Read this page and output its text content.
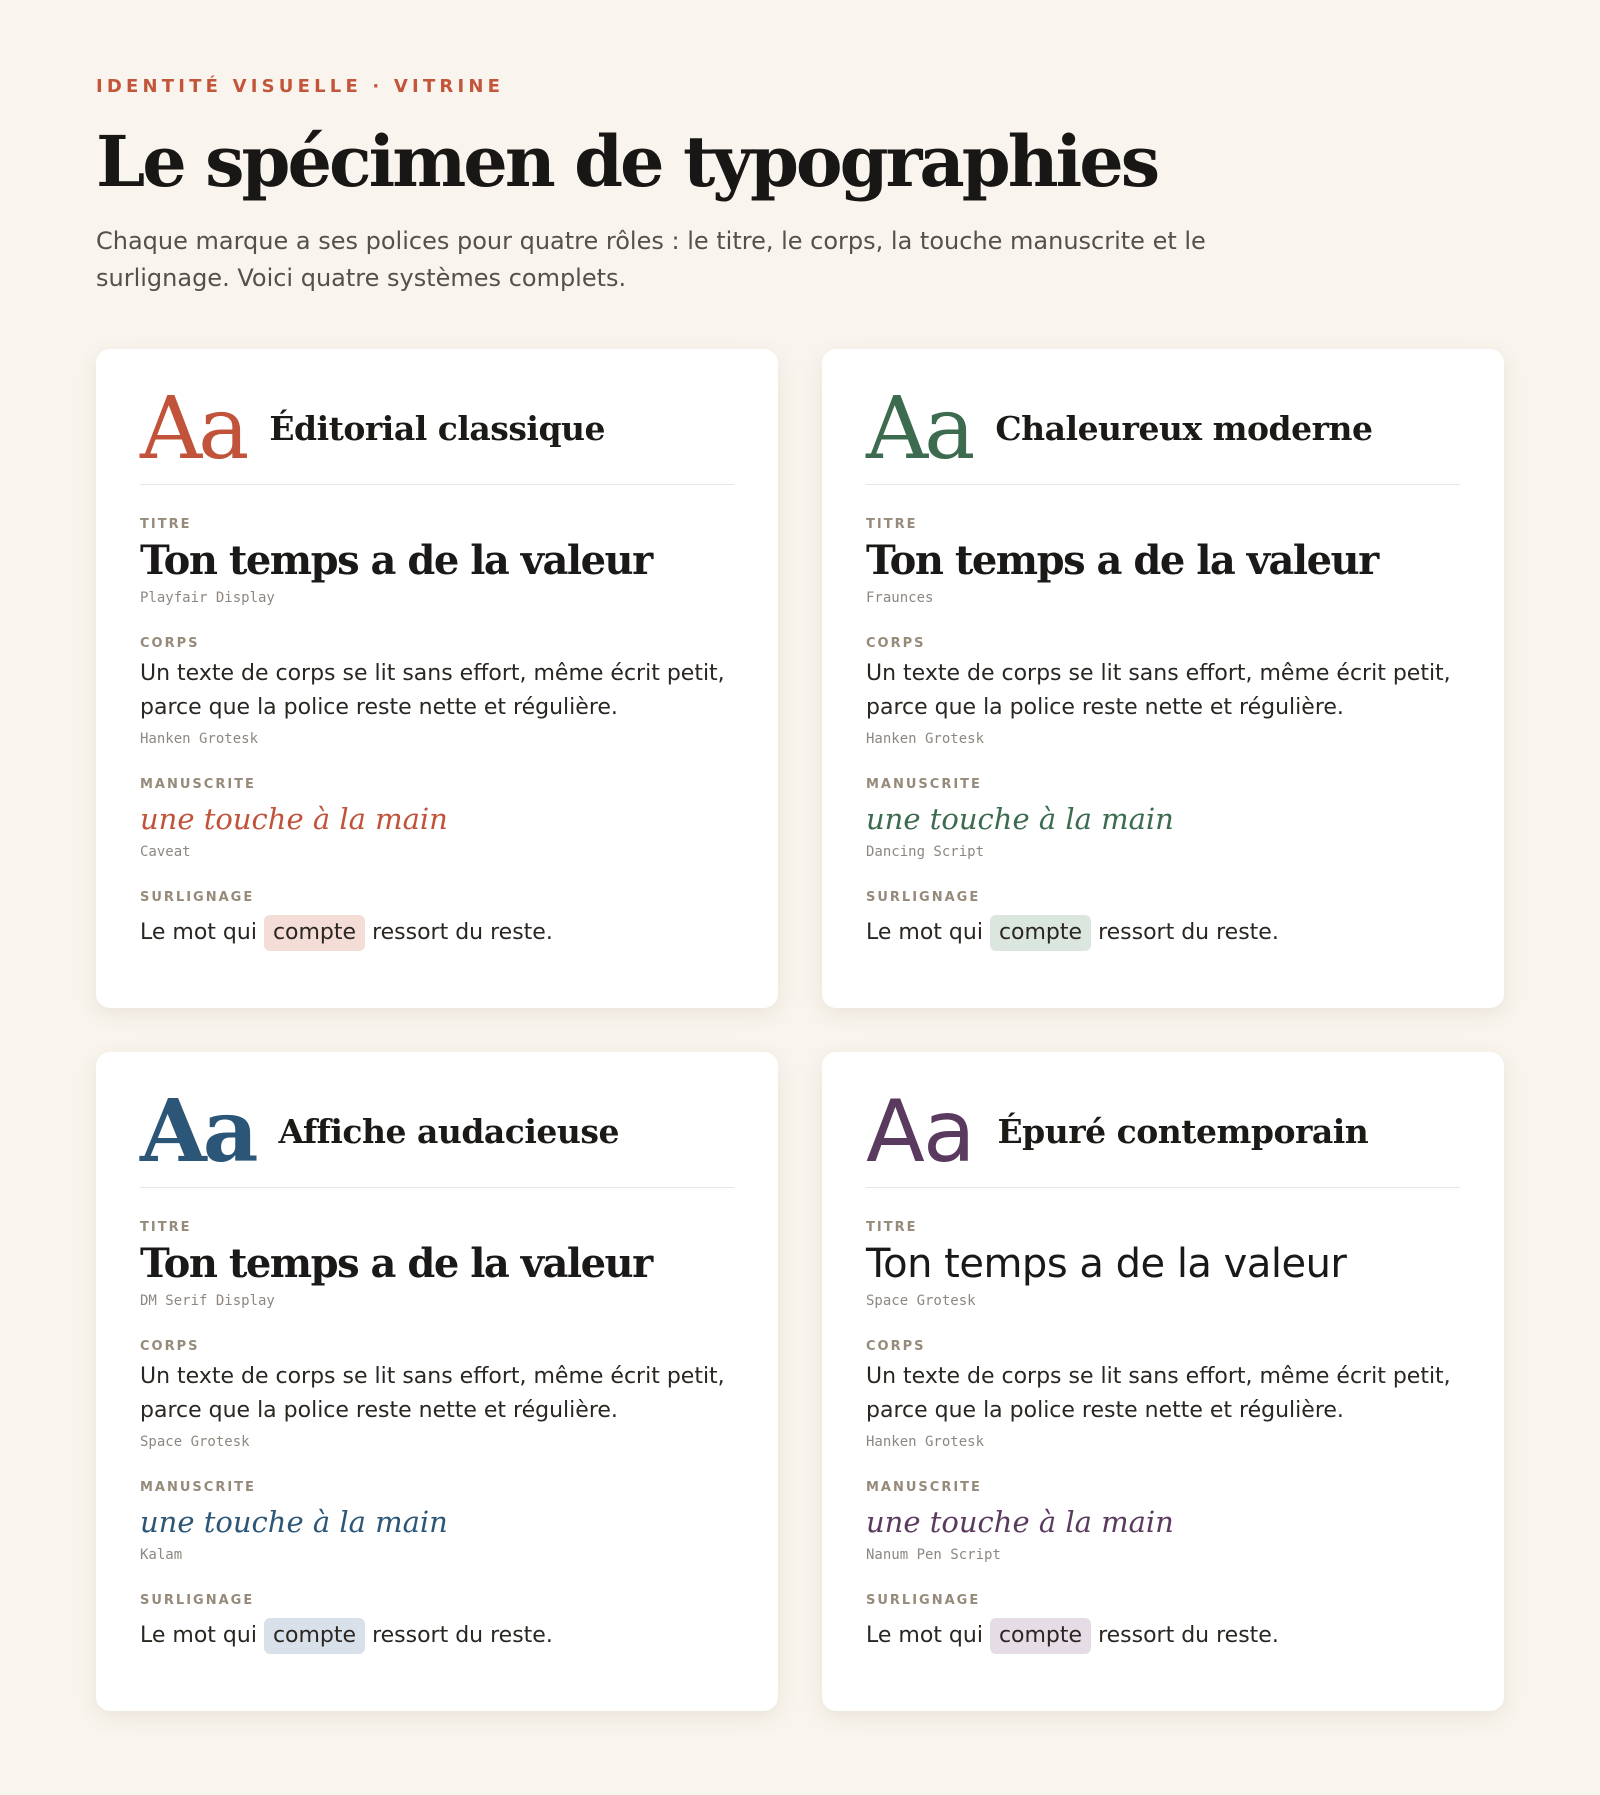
IDENTITÉ VISUELLE · VITRINE
Le spécimen de typographies

Chaque marque a ses polices pour quatre rôles : le titre, le corps, la touche manuscrite et le surlignage. Voici quatre systèmes complets.

Aa Éditorial classique
TITRE
Ton temps a de la valeur
Playfair Display
CORPS
Un texte de corps se lit sans effort, même écrit petit, parce que la police reste nette et régulière.
Hanken Grotesk
MANUSCRITE
une touche à la main
Caveat
SURLIGNAGE
Le mot qui compte ressort du reste.
Aa Chaleureux moderne
TITRE
Ton temps a de la valeur
Fraunces
CORPS
Un texte de corps se lit sans effort, même écrit petit, parce que la police reste nette et régulière.
Hanken Grotesk
MANUSCRITE
une touche à la main
Dancing Script
SURLIGNAGE
Le mot qui compte ressort du reste.
Aa Affiche audacieuse
TITRE
Ton temps a de la valeur
DM Serif Display
CORPS
Un texte de corps se lit sans effort, même écrit petit, parce que la police reste nette et régulière.
Space Grotesk
MANUSCRITE
une touche à la main
Kalam
SURLIGNAGE
Le mot qui compte ressort du reste.
Aa Épuré contemporain
TITRE
Ton temps a de la valeur
Space Grotesk
CORPS
Un texte de corps se lit sans effort, même écrit petit, parce que la police reste nette et régulière.
Hanken Grotesk
MANUSCRITE
une touche à la main
Nanum Pen Script
SURLIGNAGE
Le mot qui compte ressort du reste.
